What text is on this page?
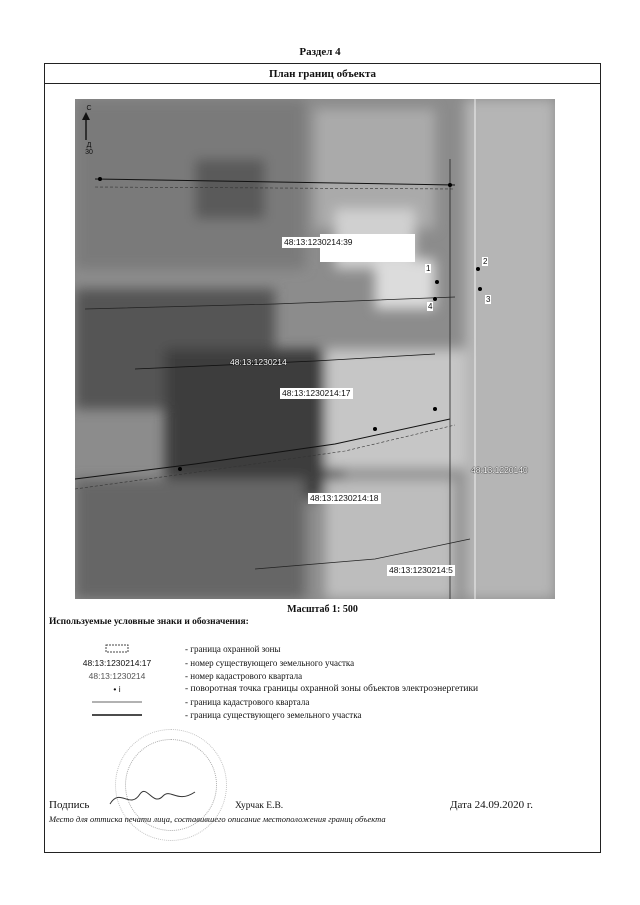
Раздел 4
План границ объекта
С
Д
30
48:13:1230214:39
48:13:1230214
48:13:1230214:17
48:13:1220140
48:13:1230214:18
48:13:1230214:5
1
2
3
4
Масштаб 1: 500
Используемые условные знаки и обозначения:
- граница охранной зоны
48:13:1230214:17	- номер существующего земельного участка
48:13:1230214	- номер кадастрового квартала
• i	- поворотная точка границы охранной зоны объектов электроэнергетики
- граница кадастрового квартала
- граница существующего земельного участка
Подпись	Хурчак Е.В.	Дата 24.09.2020 г.
Место для оттиска печати лица, составившего описание местоположения границ объекта
